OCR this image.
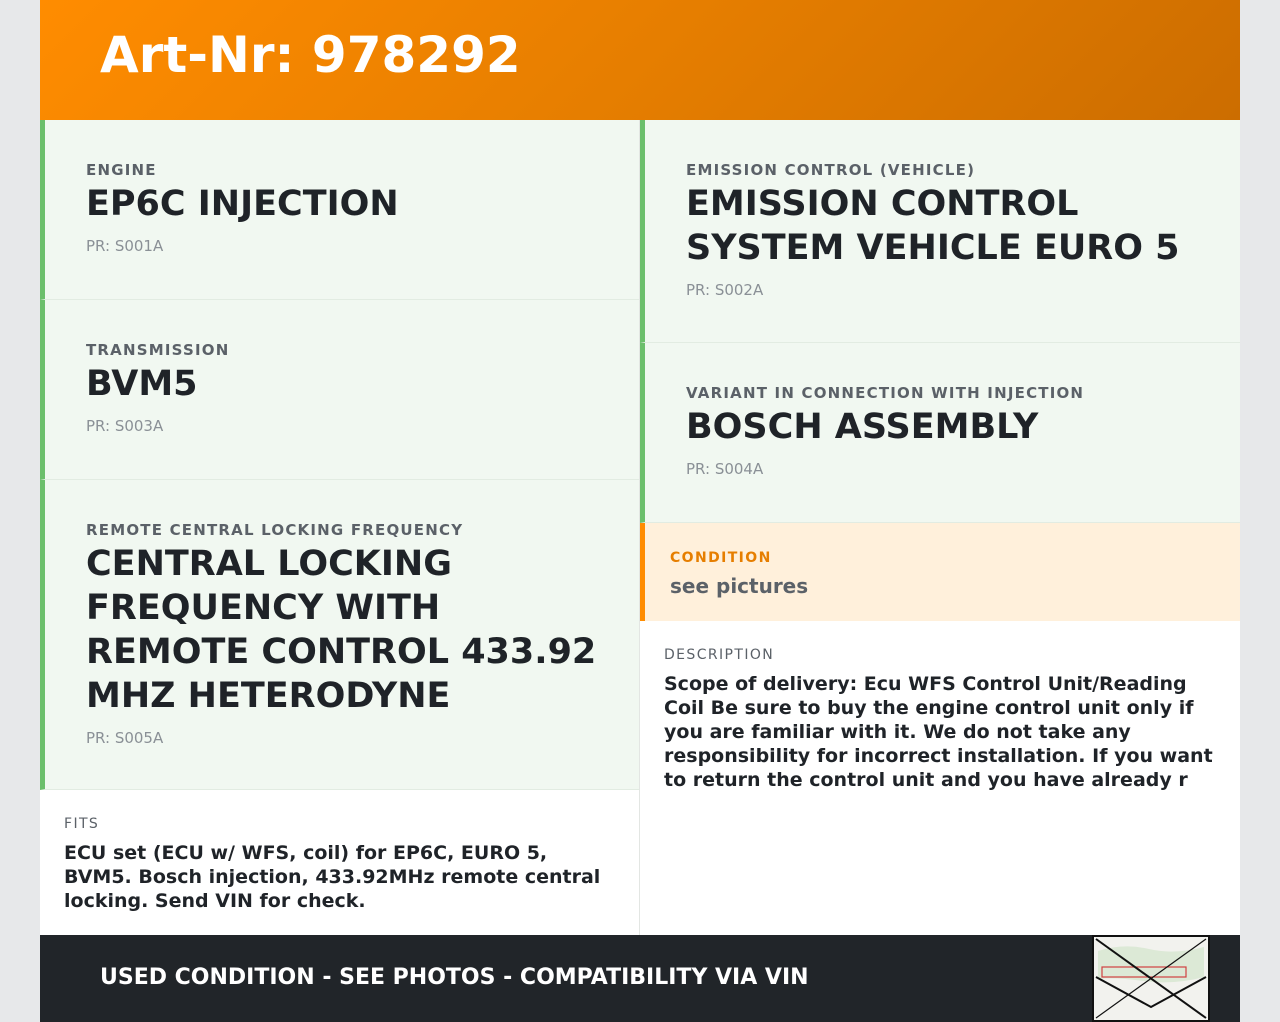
Art-Nr: 978292
ENGINE
EP6C INJECTION
PR: S001A
TRANSMISSION
BVM5
PR: S003A
REMOTE CENTRAL LOCKING FREQUENCY
CENTRAL LOCKING FREQUENCY WITH REMOTE CONTROL 433.92 MHZ HETERODYNE
PR: S005A
FITS
ECU set (ECU w/ WFS, coil) for EP6C, EURO 5, BVM5. Bosch injection, 433.92MHz remote central locking. Send VIN for check.
EMISSION CONTROL (VEHICLE)
EMISSION CONTROL SYSTEM VEHICLE EURO 5
PR: S002A
VARIANT IN CONNECTION WITH INJECTION
BOSCH ASSEMBLY
PR: S004A
CONDITION
see pictures
DESCRIPTION
Scope of delivery: Ecu WFS Control Unit/Reading Coil Be sure to buy the engine control unit only if you are familiar with it. We do not take any responsibility for incorrect installation. If you want to return the control unit and you have already r
USED CONDITION - SEE PHOTOS - COMPATIBILITY VIA VIN
